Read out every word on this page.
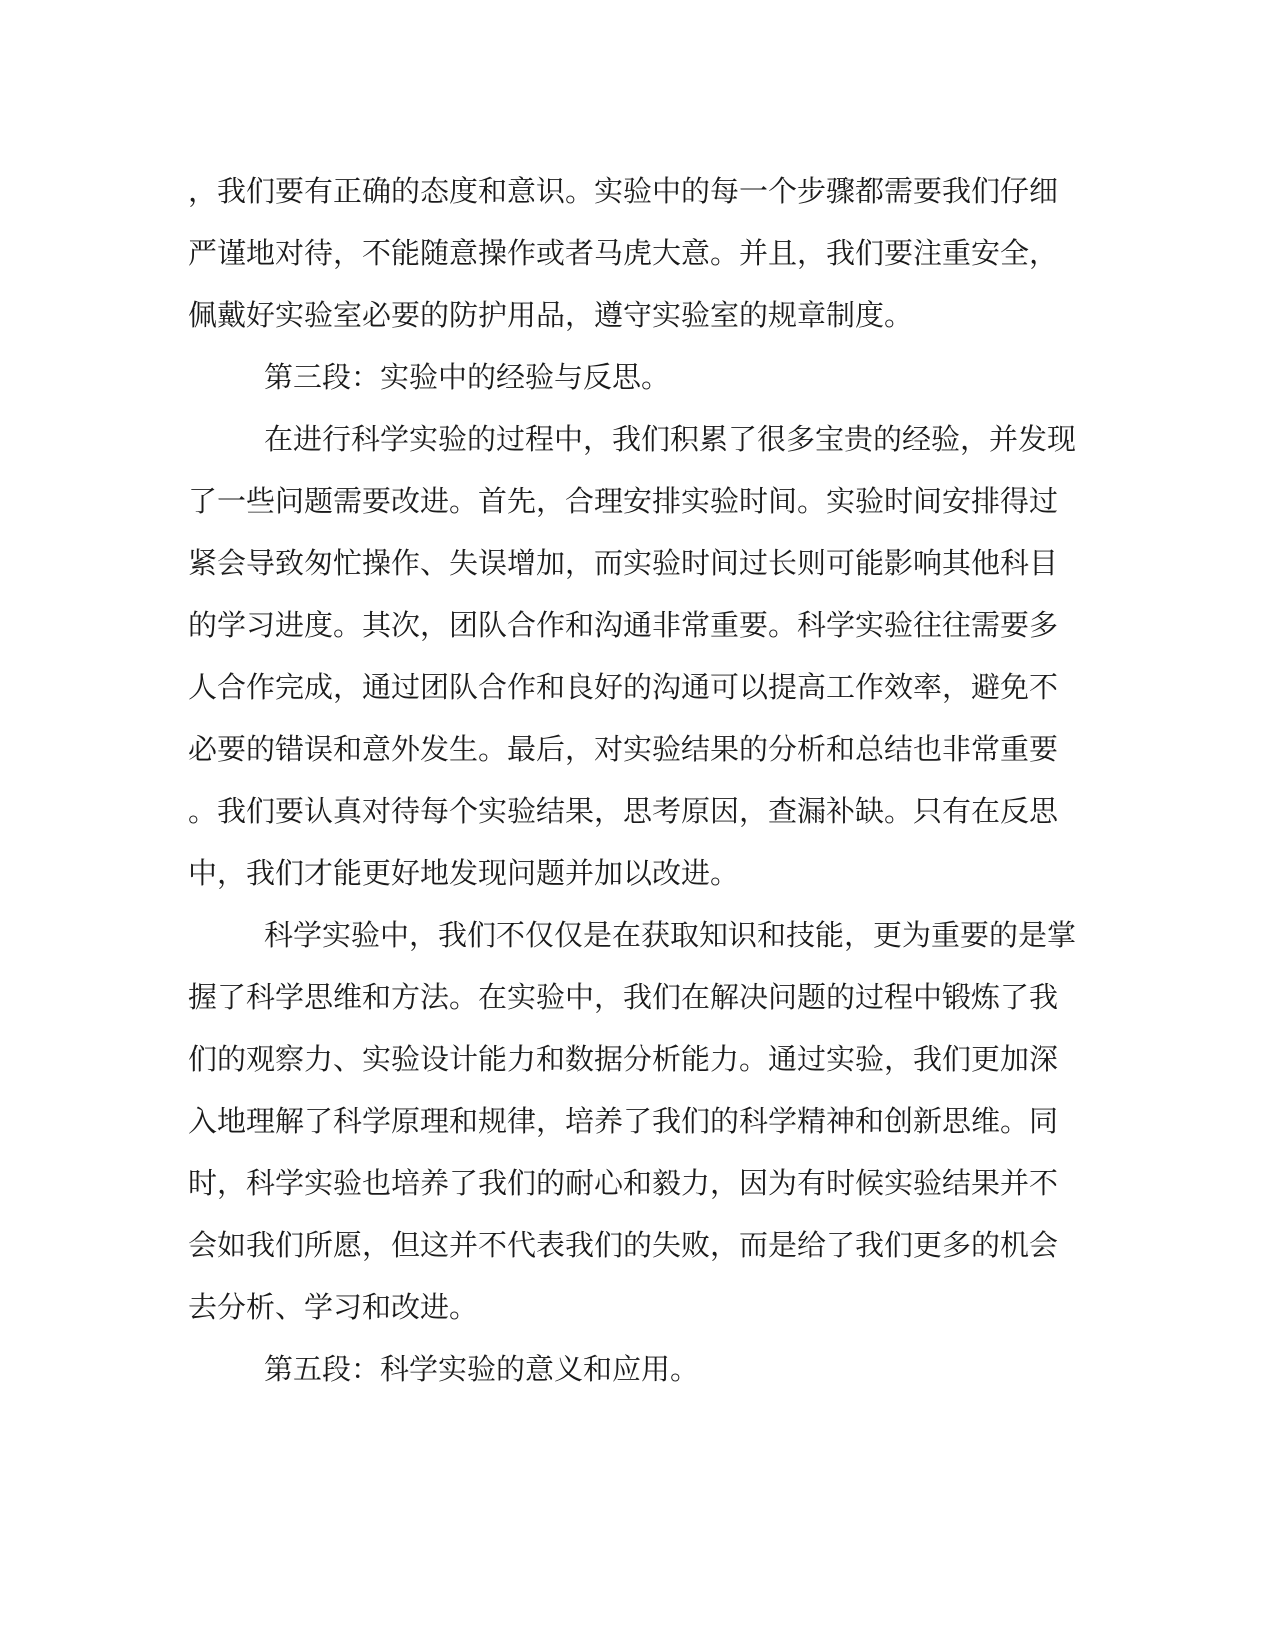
，我们要有正确的态度和意识。实验中的每一个步骤都需要我们仔细
严谨地对待，不能随意操作或者马虎大意。并且，我们要注重安全，
佩戴好实验室必要的防护用品，遵守实验室的规章制度。
第三段：实验中的经验与反思。
在进行科学实验的过程中，我们积累了很多宝贵的经验，并发现
了一些问题需要改进。首先，合理安排实验时间。实验时间安排得过
紧会导致匆忙操作、失误增加，而实验时间过长则可能影响其他科目
的学习进度。其次，团队合作和沟通非常重要。科学实验往往需要多
人合作完成，通过团队合作和良好的沟通可以提高工作效率，避免不
必要的错误和意外发生。最后，对实验结果的分析和总结也非常重要
。我们要认真对待每个实验结果，思考原因，查漏补缺。只有在反思
中，我们才能更好地发现问题并加以改进。
科学实验中，我们不仅仅是在获取知识和技能，更为重要的是掌
握了科学思维和方法。在实验中，我们在解决问题的过程中锻炼了我
们的观察力、实验设计能力和数据分析能力。通过实验，我们更加深
入地理解了科学原理和规律，培养了我们的科学精神和创新思维。同
时，科学实验也培养了我们的耐心和毅力，因为有时候实验结果并不
会如我们所愿，但这并不代表我们的失败，而是给了我们更多的机会
去分析、学习和改进。
第五段：科学实验的意义和应用。
